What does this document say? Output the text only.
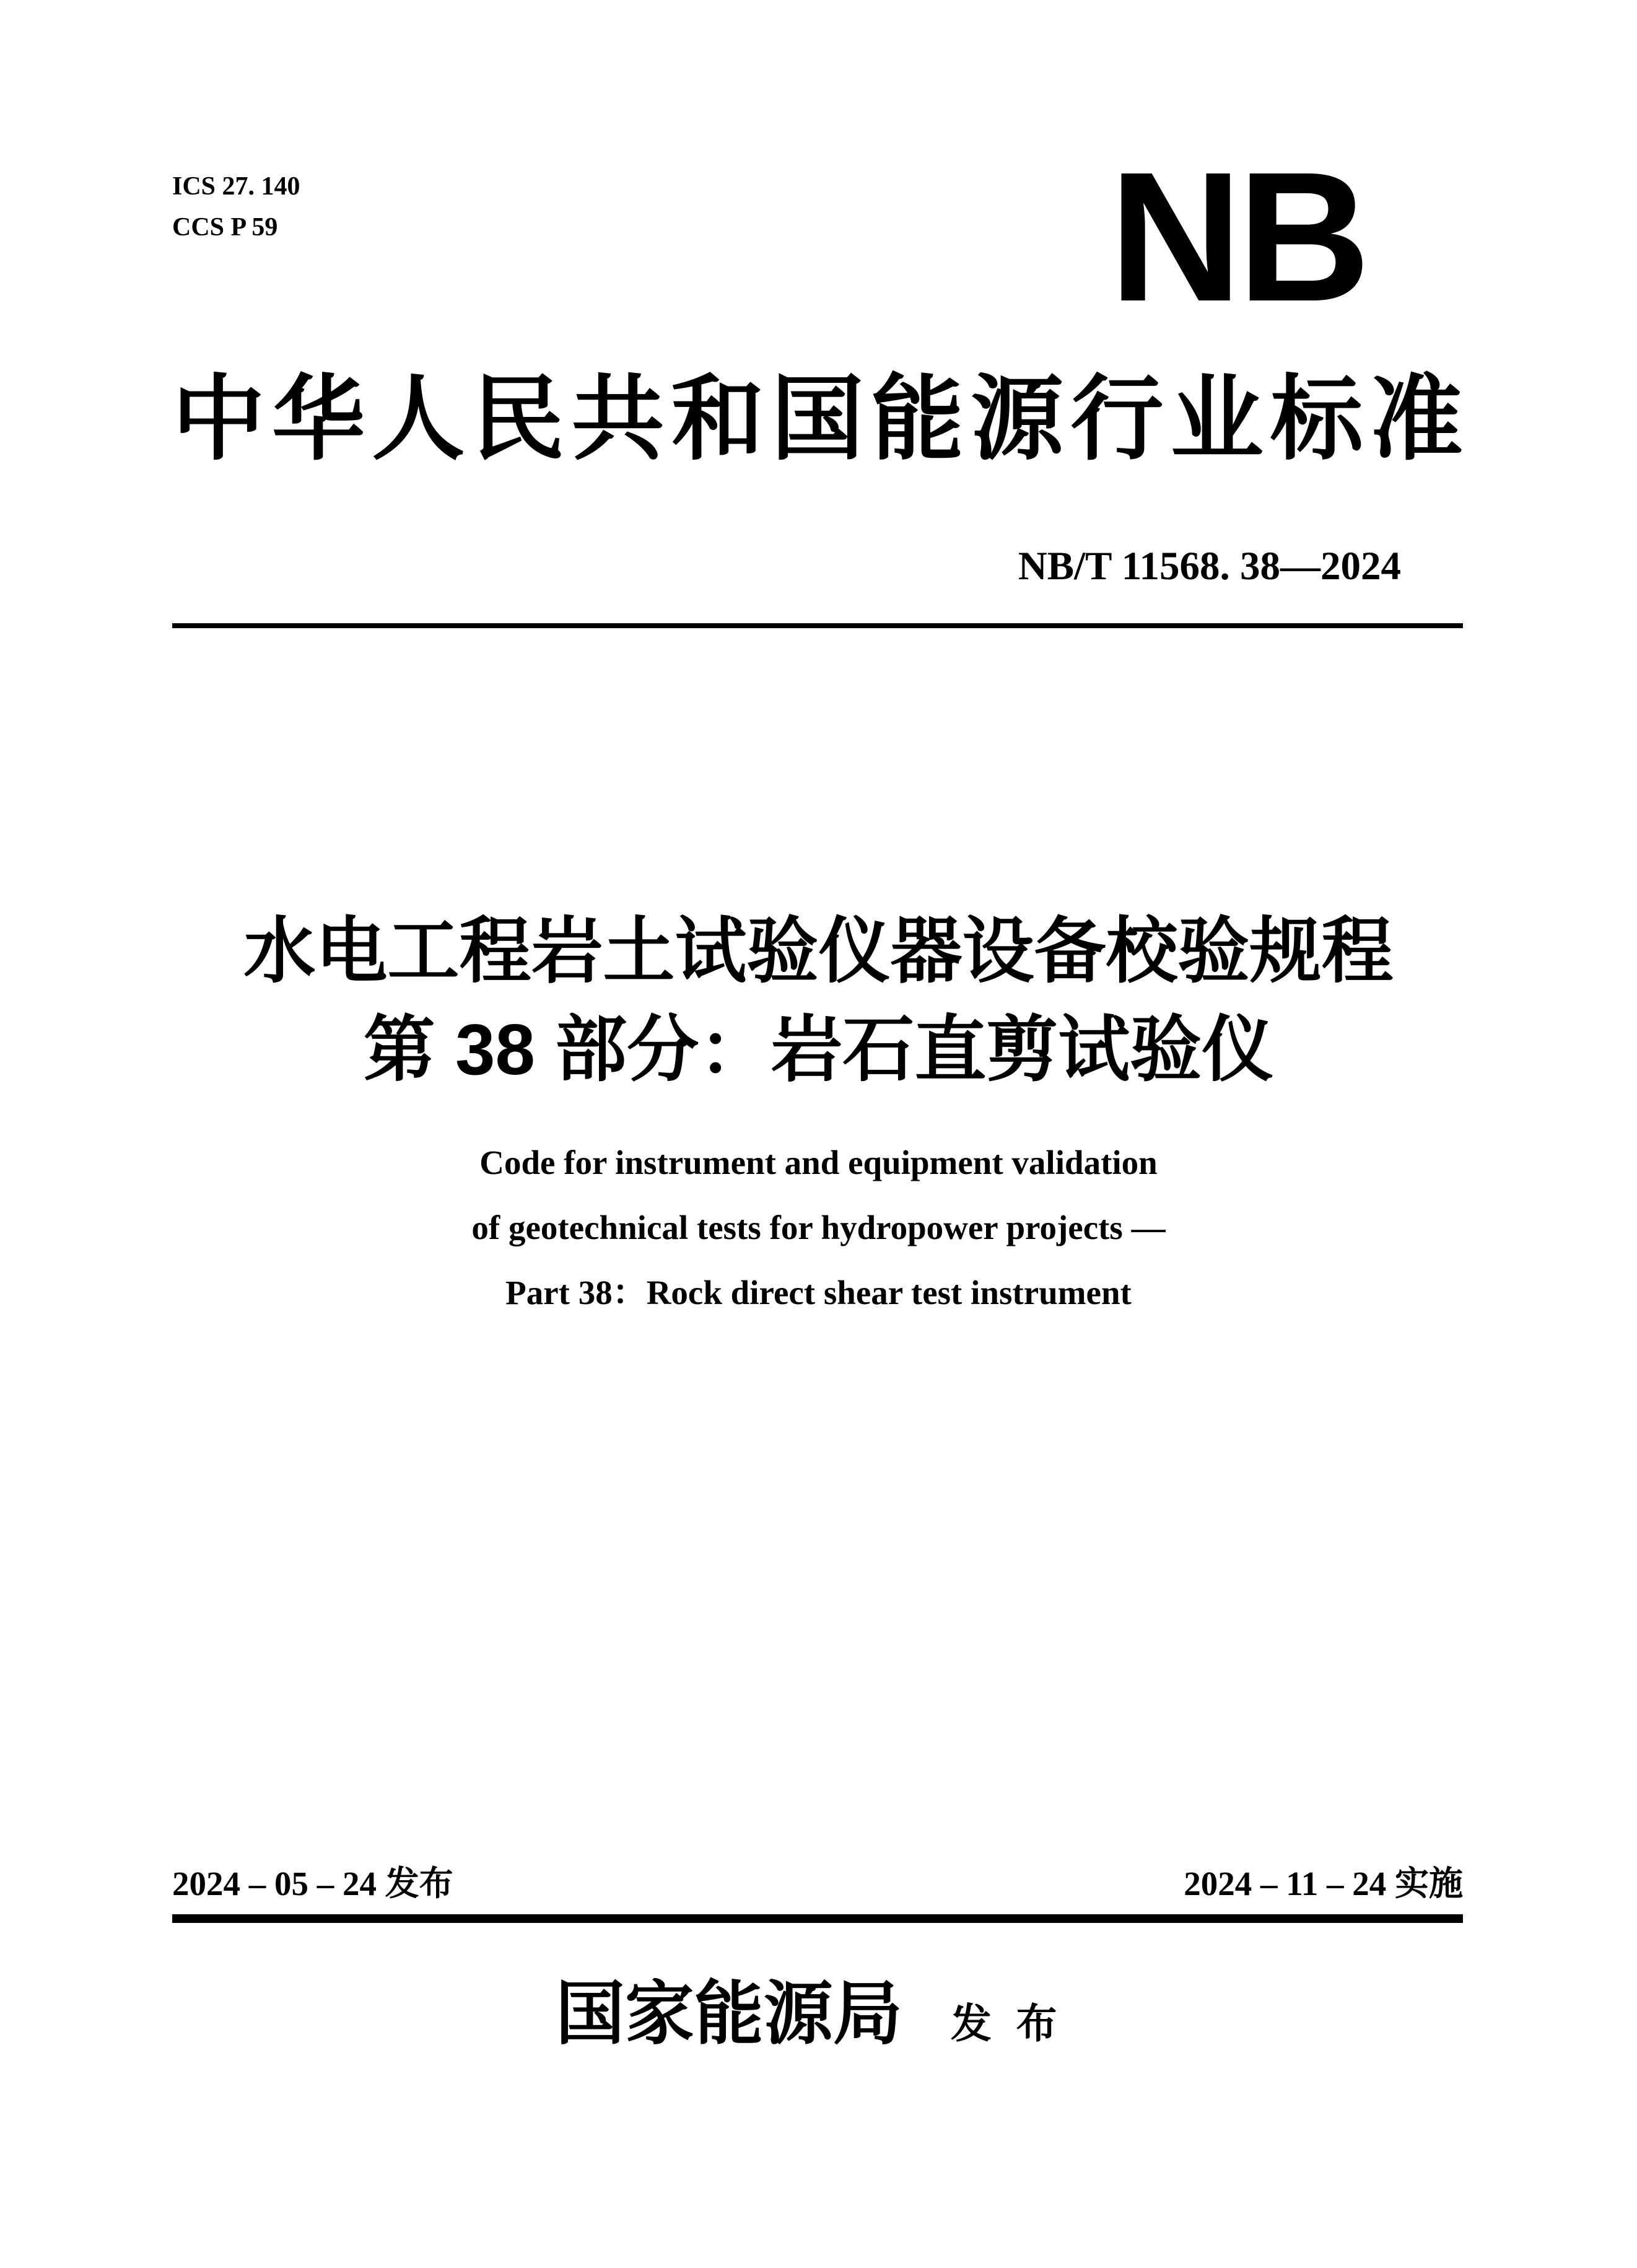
ICS 27. 140
CCS P 59	NB
中华人民共和国能源行业标准
NB/T 11568. 38—2024
水电工程岩土试验仪器设备校验规程
第 38 部分：岩石直剪试验仪
Code for instrument and equipment validation
of geotechnical tests for hydropower projects —
Part 38：Rock direct shear test instrument
2024 – 05 – 24 发布	2024 – 11 – 24 实施
国家能源局 发布
